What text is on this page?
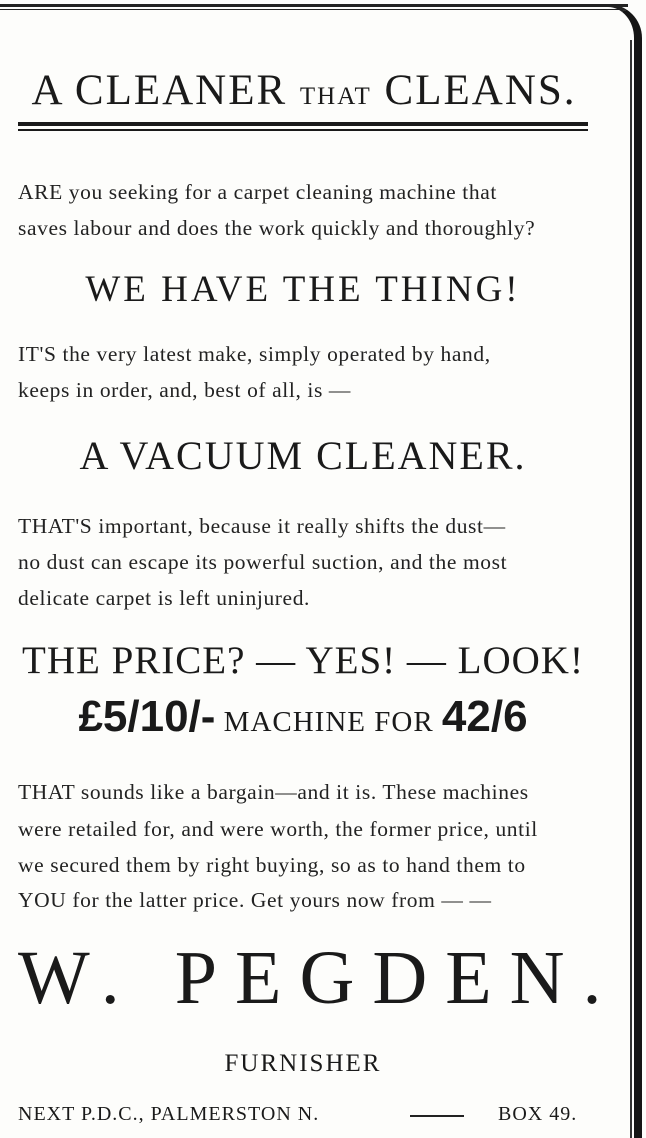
A CLEANER THAT CLEANS.
ARE you seeking for a carpet cleaning machine that
saves labour and does the work quickly and thoroughly?
WE HAVE THE THING!
IT'S the very latest make, simply operated by hand,
keeps in order, and, best of all, is —
A VACUUM CLEANER.
THAT'S important, because it really shifts the dust—
no dust can escape its powerful suction, and the most
delicate carpet is left uninjured.
THE PRICE? — YES! — LOOK!
£5/10/- MACHINE FOR 42/6
THAT sounds like a bargain—and it is. These machines
were retailed for, and were worth, the former price, until
we secured them by right buying, so as to hand them to
YOU for the latter price. Get yours now from — —
W. PEGDEN.
FURNISHER
NEXT P.D.C., PALMERSTON N.	BOX 49.
